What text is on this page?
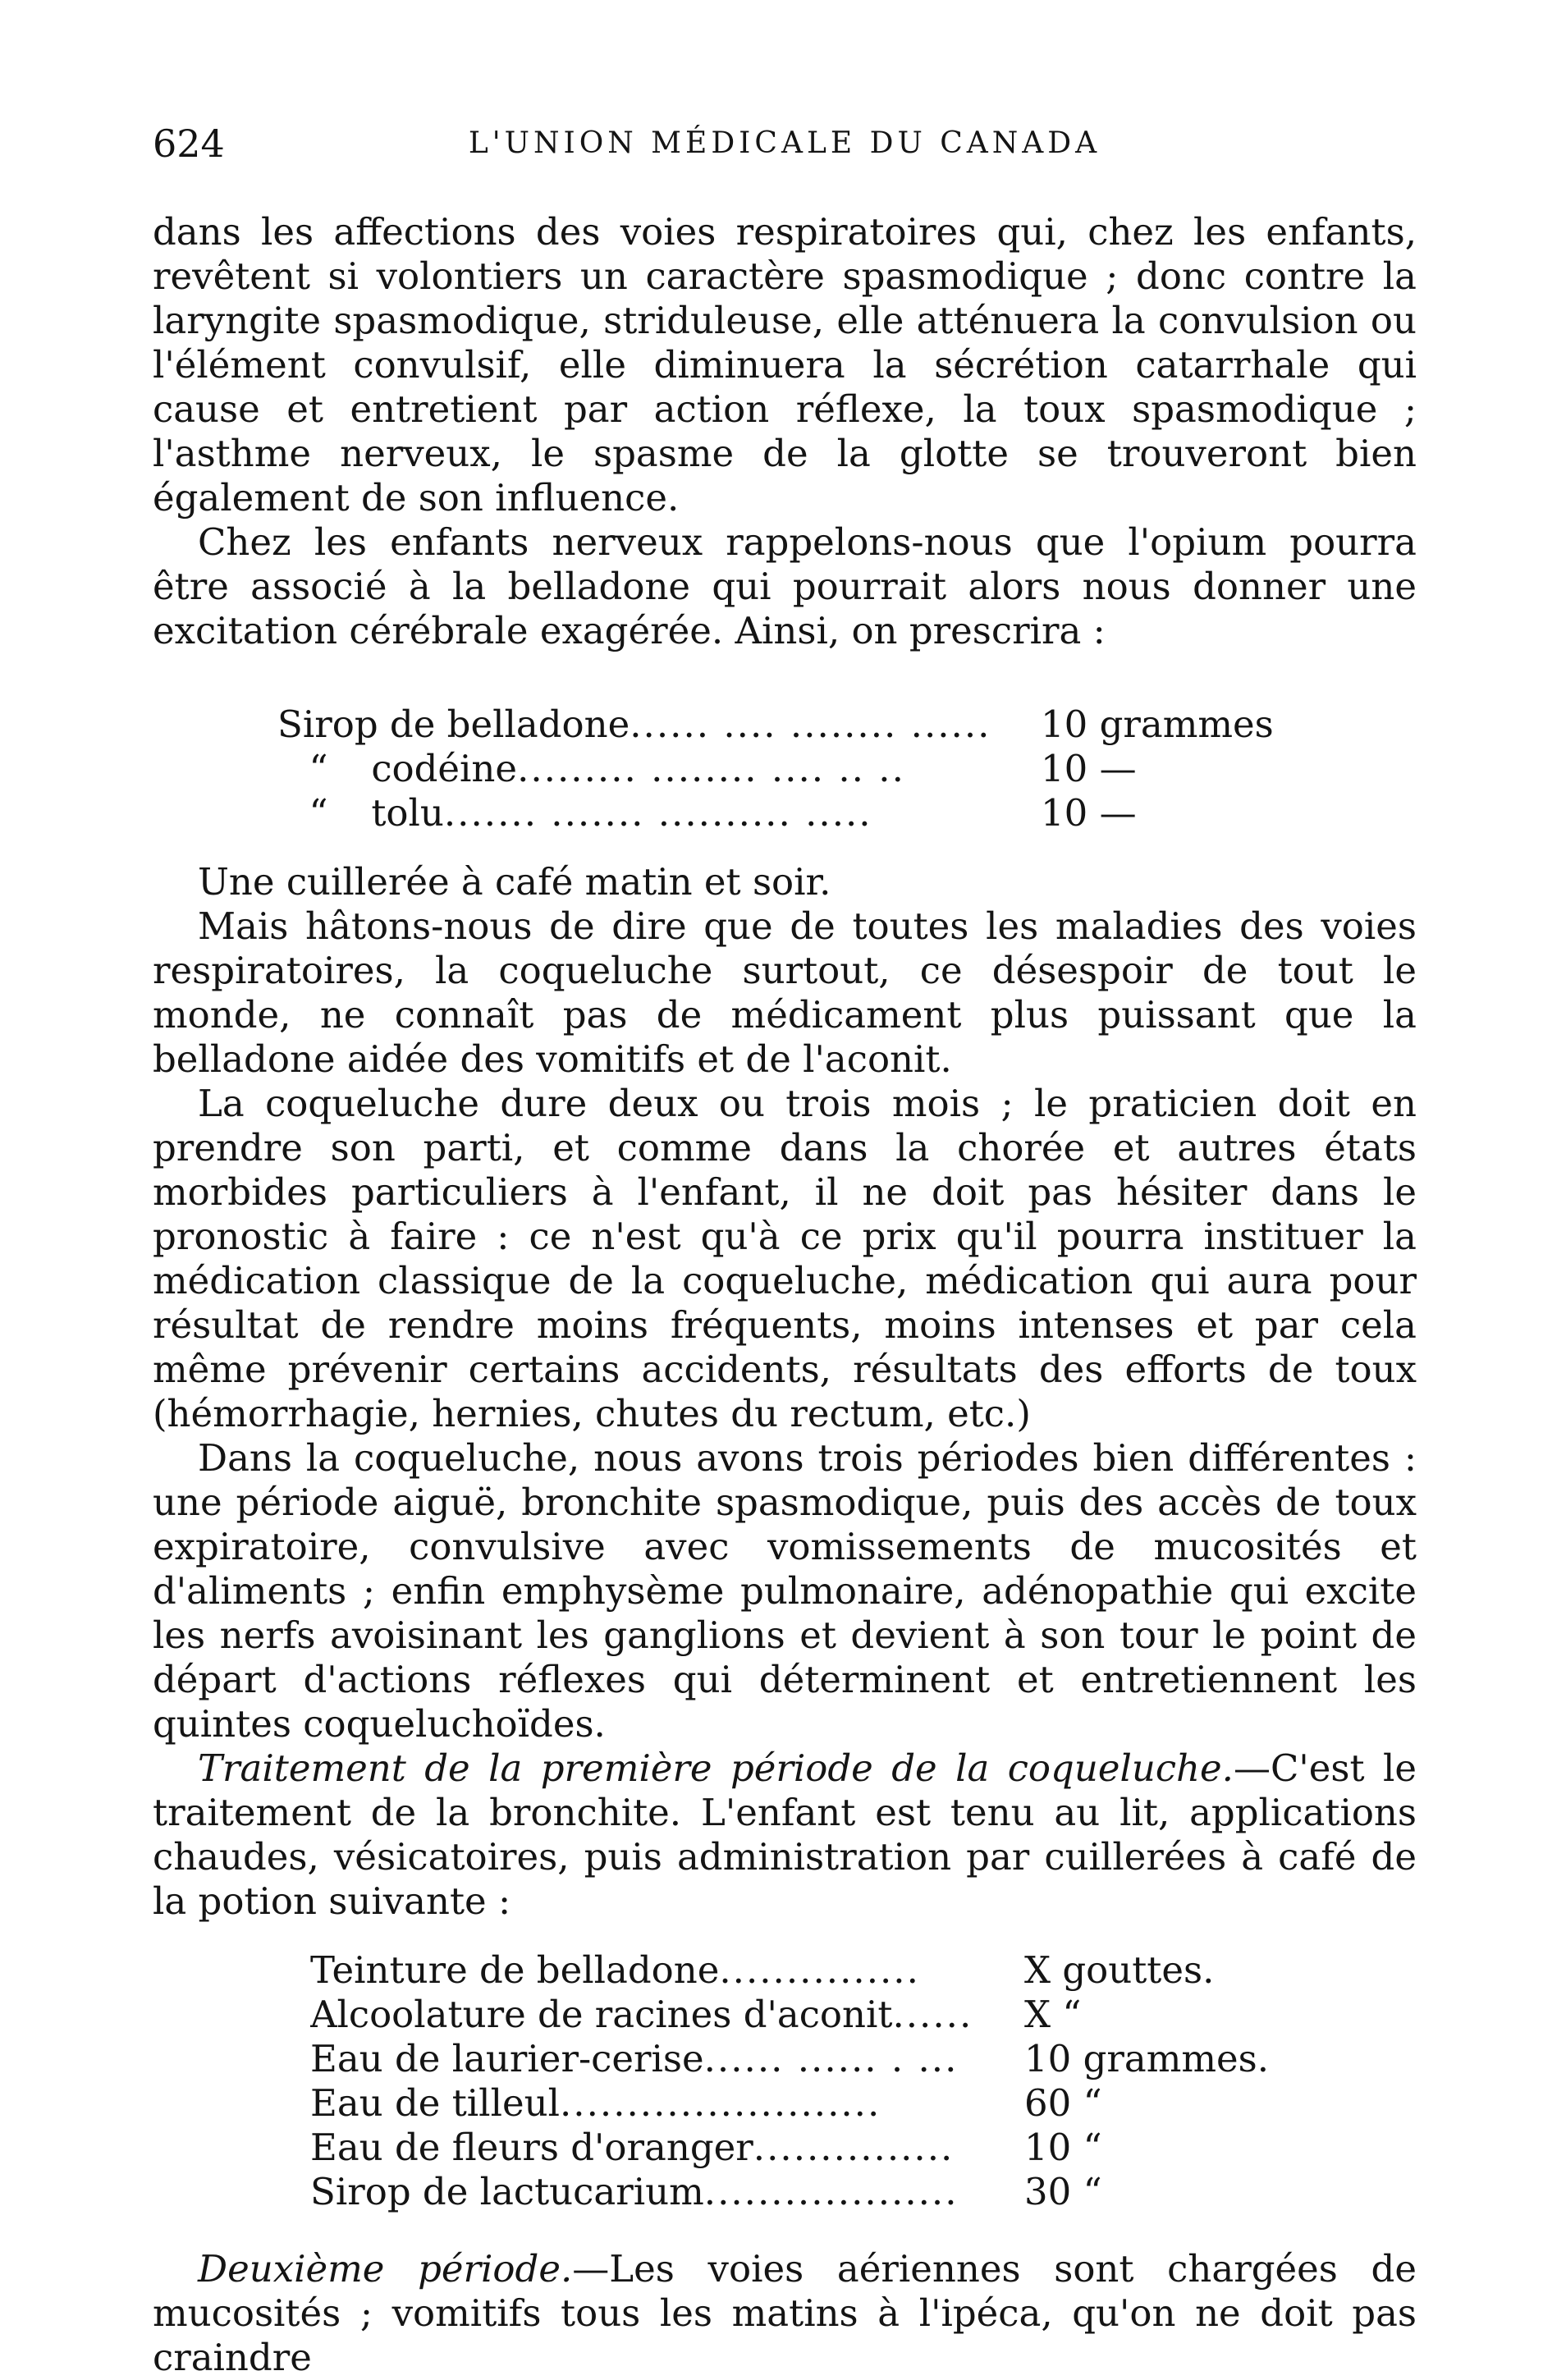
624	L'UNION MÉDICALE DU CANADA

dans les affections des voies respiratoires qui, chez les enfants, revêtent si volontiers un caractère spasmodique ; donc contre la laryngite spasmodique, striduleuse, elle atténuera la convulsion ou l'élément convulsif, elle diminuera la sécrétion catarrhale qui cause et entretient par action réflexe, la toux spasmodique ; l'asthme nerveux, le spasme de la glotte se trouveront bien également de son influence.

Chez les enfants nerveux rappelons-nous que l'opium pourra être associé à la belladone qui pourrait alors nous donner une excitation cérébrale exagérée. Ainsi, on prescrira :

Sirop de belladone...... .... ........ ......	10 grammes
“ codéine......... ........ .... .. ..	10 —
“ tolu....... ....... .......... .....	10 —

Une cuillerée à café matin et soir.

Mais hâtons-nous de dire que de toutes les maladies des voies respiratoires, la coqueluche surtout, ce désespoir de tout le monde, ne connaît pas de médicament plus puissant que la belladone aidée des vomitifs et de l'aconit.

La coqueluche dure deux ou trois mois ; le praticien doit en prendre son parti, et comme dans la chorée et autres états morbides particuliers à l'enfant, il ne doit pas hésiter dans le pronostic à faire : ce n'est qu'à ce prix qu'il pourra instituer la médication classique de la coqueluche, médication qui aura pour résultat de rendre moins fréquents, moins intenses et par cela même prévenir certains accidents, résultats des efforts de toux (hémorrhagie, hernies, chutes du rectum, etc.)

Dans la coqueluche, nous avons trois périodes bien différentes : une période aiguë, bronchite spasmodique, puis des accès de toux expiratoire, convulsive avec vomissements de mucosités et d'aliments ; enfin emphysème pulmonaire, adénopathie qui excite les nerfs avoisinant les ganglions et devient à son tour le point de départ d'actions réflexes qui déterminent et entretiennent les quintes coqueluchoïdes.

Traitement de la première période de la coqueluche.—C'est le traitement de la bronchite. L'enfant est tenu au lit, applications chaudes, vésicatoires, puis administration par cuillerées à café de la potion suivante :

Teinture de belladone...............	X gouttes.
Alcoolature de racines d'aconit......	X “
Eau de laurier-cerise...... ...... . ...	10 grammes.
Eau de tilleul........................	60 “
Eau de fleurs d'oranger...............	10 “
Sirop de lactucarium...................	30 “

Deuxième période.—Les voies aériennes sont chargées de mucosités ; vomitifs tous les matins à l'ipéca, qu'on ne doit pas craindre
